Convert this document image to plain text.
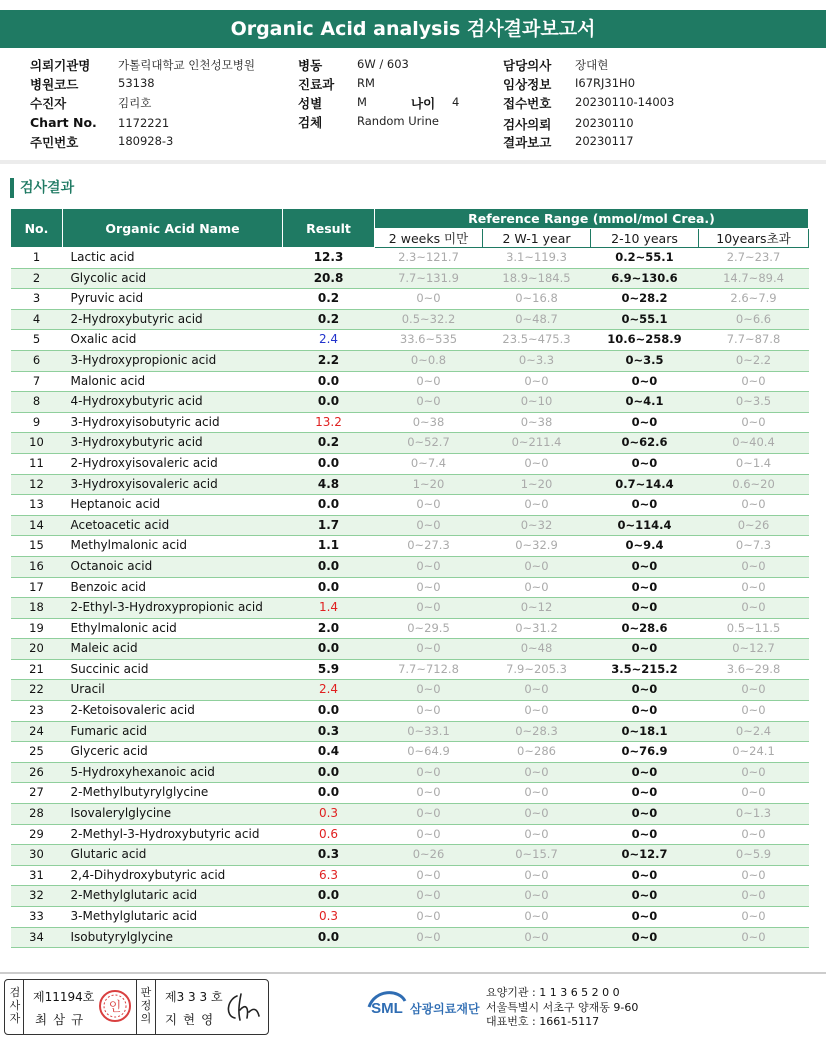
Organic Acid analysis 검사결과보고서
의뢰기관명 가톨릭대학교 인천성모병원
병원코드	53138
수진자	김리호
Chart No. 1172221
주민번호	180928-3
병동	6W / 603
진료과 RM
성별	M	나이 4
검체	Random Urine
담당의사 장대현
임상정보 I67RJ31H0
접수번호 20230110-14003
검사의뢰 20230110
결과보고 20230117
검사결과
No.	Organic Acid Name	Result	Reference Range (mmol/mol Crea.)			
			2 weeks 미만	2 W-1 year	2-10 years	10years초과
1	Lactic acid	12.3	2.3~121.7	3.1~119.3	0.2~55.1	2.7~23.7
2	Glycolic acid	20.8	7.7~131.9	18.9~184.5	6.9~130.6	14.7~89.4
3	Pyruvic acid	0.2	0~0	0~16.8	0~28.2	2.6~7.9
4	2-Hydroxybutyric acid	0.2	0.5~32.2	0~48.7	0~55.1	0~6.6
5	Oxalic acid	2.4	33.6~535	23.5~475.3	10.6~258.9	7.7~87.8
6	3-Hydroxypropionic acid	2.2	0~0.8	0~3.3	0~3.5	0~2.2
7	Malonic acid	0.0	0~0	0~0	0~0	0~0
8	4-Hydroxybutyric acid	0.0	0~0	0~10	0~4.1	0~3.5
9	3-Hydroxyisobutyric acid	13.2	0~38	0~38	0~0	0~0
10	3-Hydroxybutyric acid	0.2	0~52.7	0~211.4	0~62.6	0~40.4
11	2-Hydroxyisovaleric acid	0.0	0~7.4	0~0	0~0	0~1.4
12	3-Hydroxyisovaleric acid	4.8	1~20	1~20	0.7~14.4	0.6~20
13	Heptanoic acid	0.0	0~0	0~0	0~0	0~0
14	Acetoacetic acid	1.7	0~0	0~32	0~114.4	0~26
15	Methylmalonic acid	1.1	0~27.3	0~32.9	0~9.4	0~7.3
16	Octanoic acid	0.0	0~0	0~0	0~0	0~0
17	Benzoic acid	0.0	0~0	0~0	0~0	0~0
18	2-Ethyl-3-Hydroxypropionic acid	1.4	0~0	0~12	0~0	0~0
19	Ethylmalonic acid	2.0	0~29.5	0~31.2	0~28.6	0.5~11.5
20	Maleic acid	0.0	0~0	0~48	0~0	0~12.7
21	Succinic acid	5.9	7.7~712.8	7.9~205.3	3.5~215.2	3.6~29.8
22	Uracil	2.4	0~0	0~0	0~0	0~0
23	2-Ketoisovaleric acid	0.0	0~0	0~0	0~0	0~0
24	Fumaric acid	0.3	0~33.1	0~28.3	0~18.1	0~2.4
25	Glyceric acid	0.4	0~64.9	0~286	0~76.9	0~24.1
26	5-Hydroxyhexanoic acid	0.0	0~0	0~0	0~0	0~0
27	2-Methylbutyrylglycine	0.0	0~0	0~0	0~0	0~0
28	Isovalerylglycine	0.3	0~0	0~0	0~0	0~1.3
29	2-Methyl-3-Hydroxybutyric acid	0.6	0~0	0~0	0~0	0~0
30	Glutaric acid	0.3	0~26	0~15.7	0~12.7	0~5.9
31	2,4-Dihydroxybutyric acid	6.3	0~0	0~0	0~0	0~0
32	2-Methylglutaric acid	0.0	0~0	0~0	0~0	0~0
33	3-Methylglutaric acid	0.3	0~0	0~0	0~0	0~0
34	Isobutyrylglycine	0.0	0~0	0~0	0~0	0~0
검
사
자
제11194호
최 삼 규
인
판
정
의
제3 3 3 호
지 현 영
SML 삼광의료재단
요양기관 : 1 1 3 6 5 2 0 0
서울특별시 서초구 양재동 9-60
대표번호 : 1661-5117
